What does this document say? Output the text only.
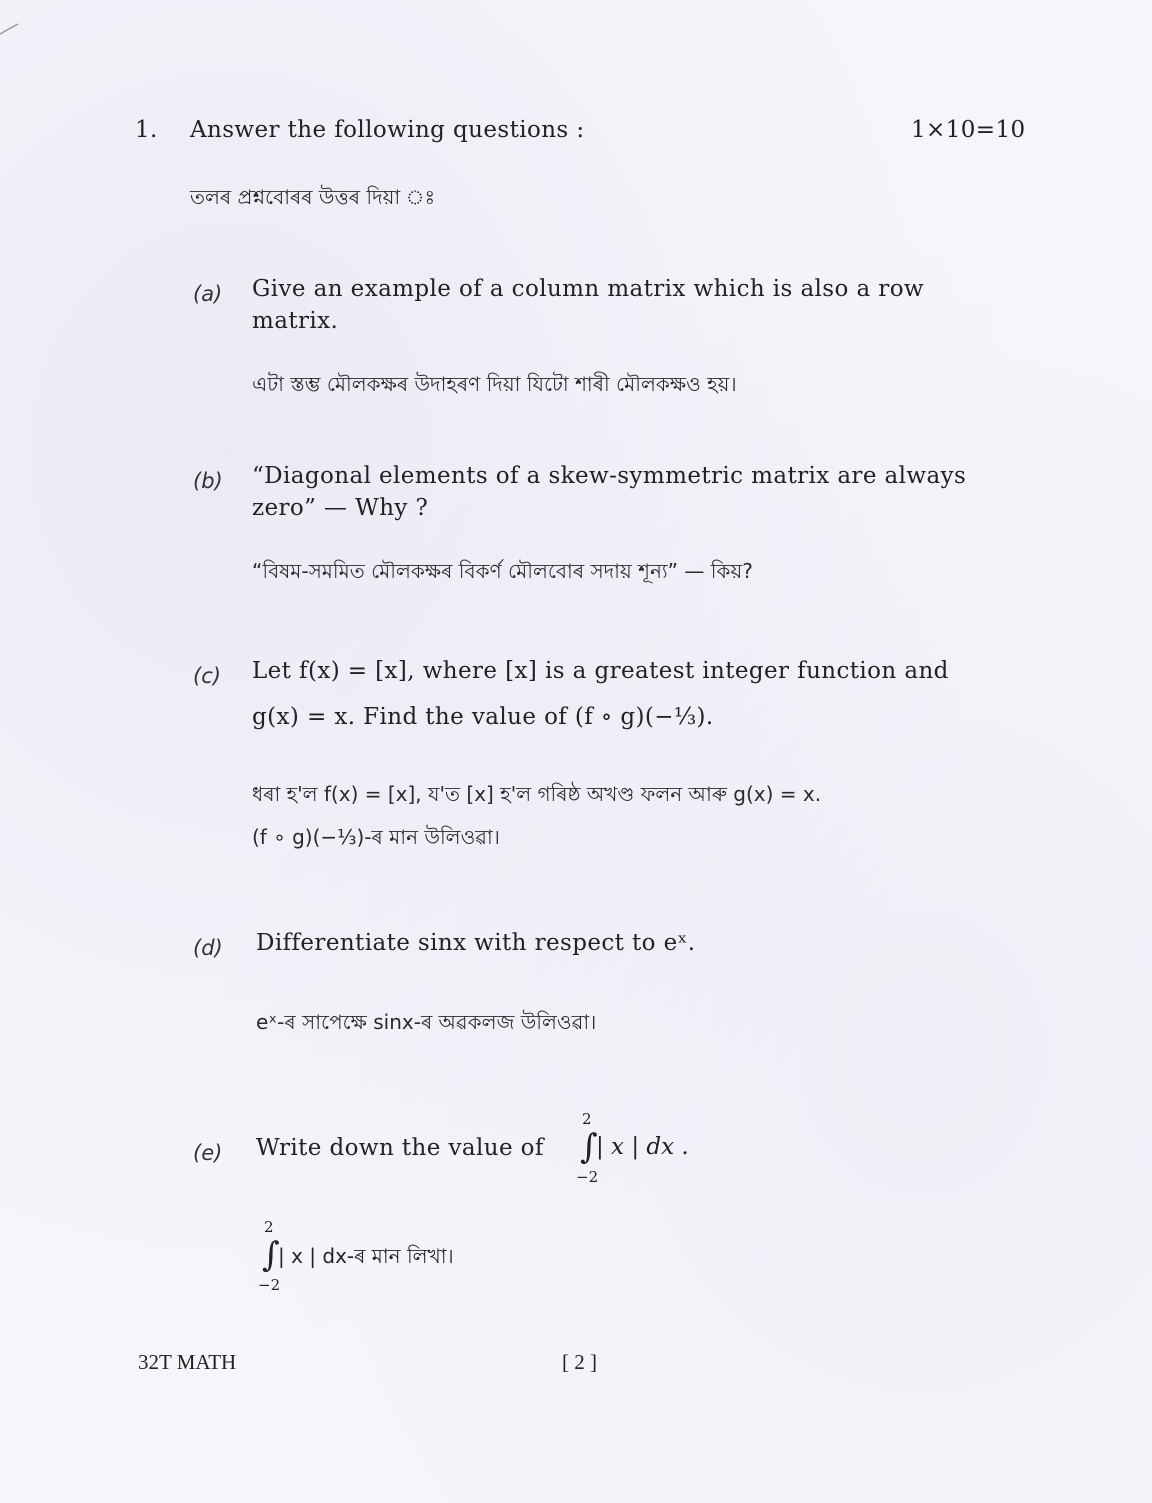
1. Answer the following questions :	1×10=10
তলৰ প্ৰশ্নবোৰৰ উত্তৰ দিয়া ঃ
(a) Give an example of a column matrix which is also a row
matrix.
এটা স্তম্ভ মৌলকক্ষৰ উদাহৰণ দিয়া যিটো শাৰী মৌলকক্ষও হয়।
(b) “Diagonal elements of a skew-symmetric matrix are always
zero” — Why ?
“বিষম-সমমিত মৌলকক্ষৰ বিকর্ণ মৌলবোৰ সদায় শূন্য” — কিয়?
(c) Let f(x) = [x], where [x] is a greatest integer function and
g(x) = x. Find the value of (f ∘ g)(−⅓).
ধৰা হ'ল f(x) = [x], য'ত [x] হ'ল গৰিষ্ঠ অখণ্ড ফলন আৰু g(x) = x.
(f ∘ g)(−⅓)-ৰ মান উলিওৱা।
(d) Differentiate sinx with respect to eˣ.
eˣ-ৰ সাপেক্ষে sinx-ৰ অৱকলজ উলিওৱা।
(e) Write down the value of
2
∫
−2
| x | dx .
2
∫
−2
| x | dx-ৰ মান লিখা।
32T MATH	[ 2 ]
